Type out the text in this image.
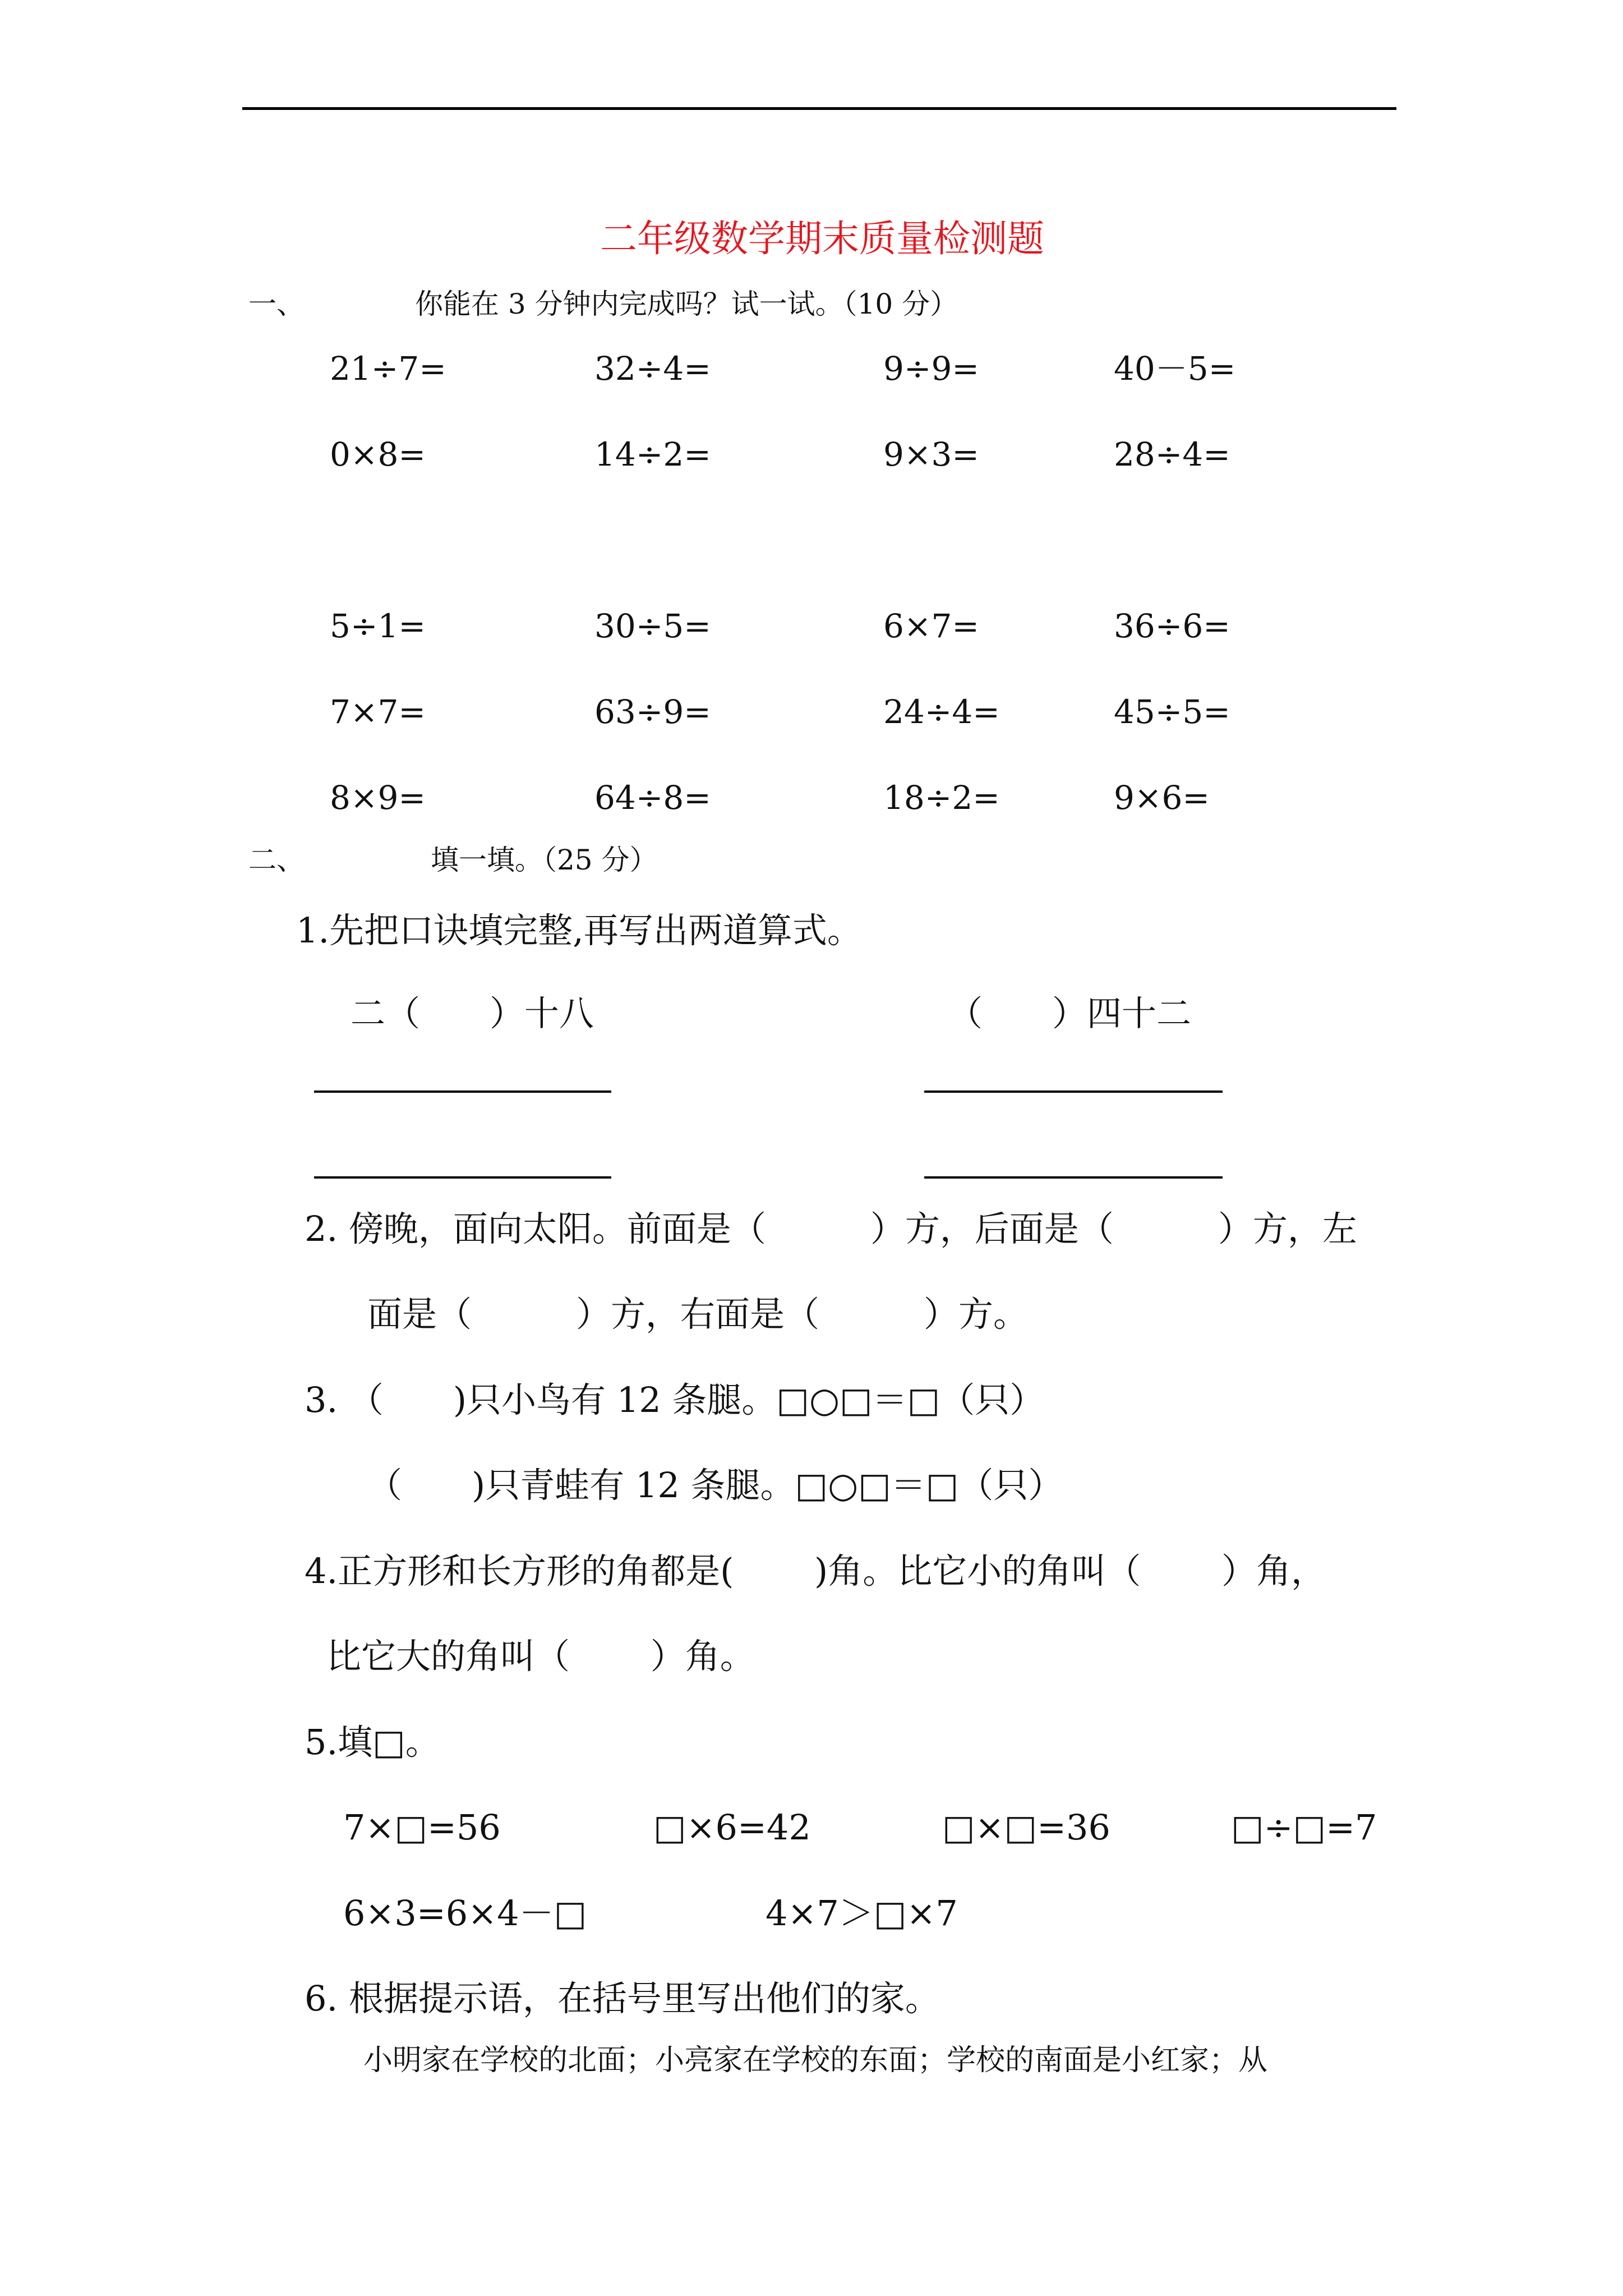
二年级数学期末质量检测题
一、	你能在 3 分钟内完成吗？试一试。（10 分）
21÷7=	32÷4=	9÷9=	40－5=
0×8=	14÷2=	9×3=	28÷4=
5÷1=	30÷5=	6×7=	36÷6=
7×7=	63÷9=	24÷4=	45÷5=
8×9=	64÷8=	18÷2=	9×6=
二、	填一填。（25 分）
1.先把口诀填完整,再写出两道算式。
二（　　）十八	（　　）四十二
2. 傍晚，面向太阳。前面是（　　　）方，后面是（　　　）方，左
面是（　　　）方，右面是（　　　）方。
3. （　　)只小鸟有 12 条腿。□○□＝□（只）
（　　)只青蛙有 12 条腿。□○□＝□（只）
4.正方形和长方形的角都是(　　 )角。比它小的角叫（　　 ）角，
比它大的角叫（　　 ）角。
5.填□。
7×□=56	□×6=42	□×□=36	□÷□=7
6×3=6×4－□	4×7＞□×7
6. 根据提示语，在括号里写出他们的家。
小明家在学校的北面；小亮家在学校的东面；学校的南面是小红家；从
